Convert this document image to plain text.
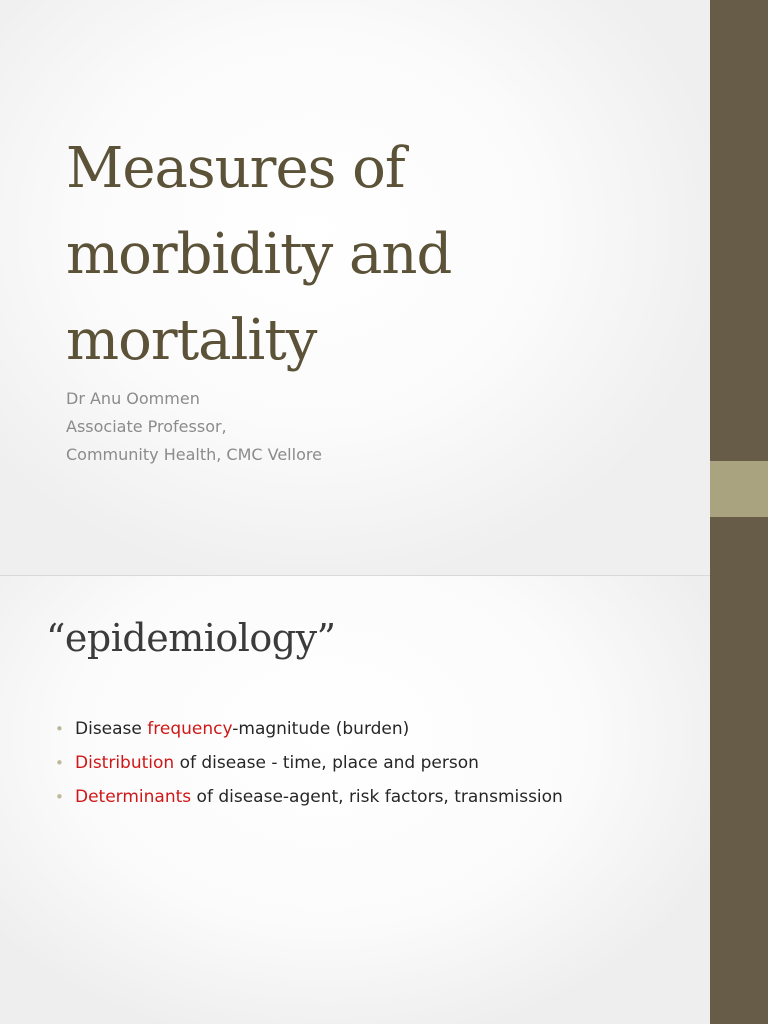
Measures of
morbidity and
mortality
Dr Anu Oommen
Associate Professor,
Community Health, CMC Vellore
“epidemiology”
• Disease frequency-magnitude (burden)
• Distribution of disease - time, place and person
• Determinants of disease-agent, risk factors, transmission
